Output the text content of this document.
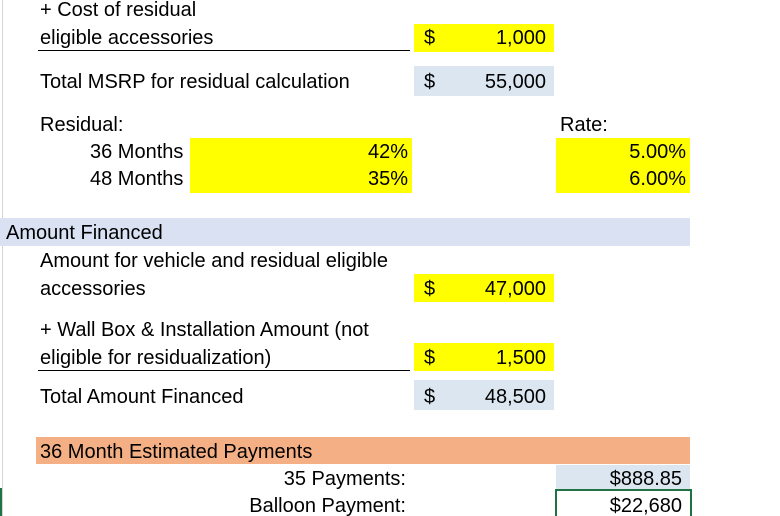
+ Cost of residual
eligible accessories	$	1,000
Total MSRP for residual calculation	$	55,000
Residual:	Rate:
36 Months	42%	5.00%
48 Months	35%	6.00%
Amount Financed
Amount for vehicle and residual eligible
accessories	$	47,000
+ Wall Box & Installation Amount (not
eligible for residualization)	$	1,500
Total Amount Financed	$	48,500
36 Month Estimated Payments
35 Payments:	$888.85
Balloon Payment:	$22,680
